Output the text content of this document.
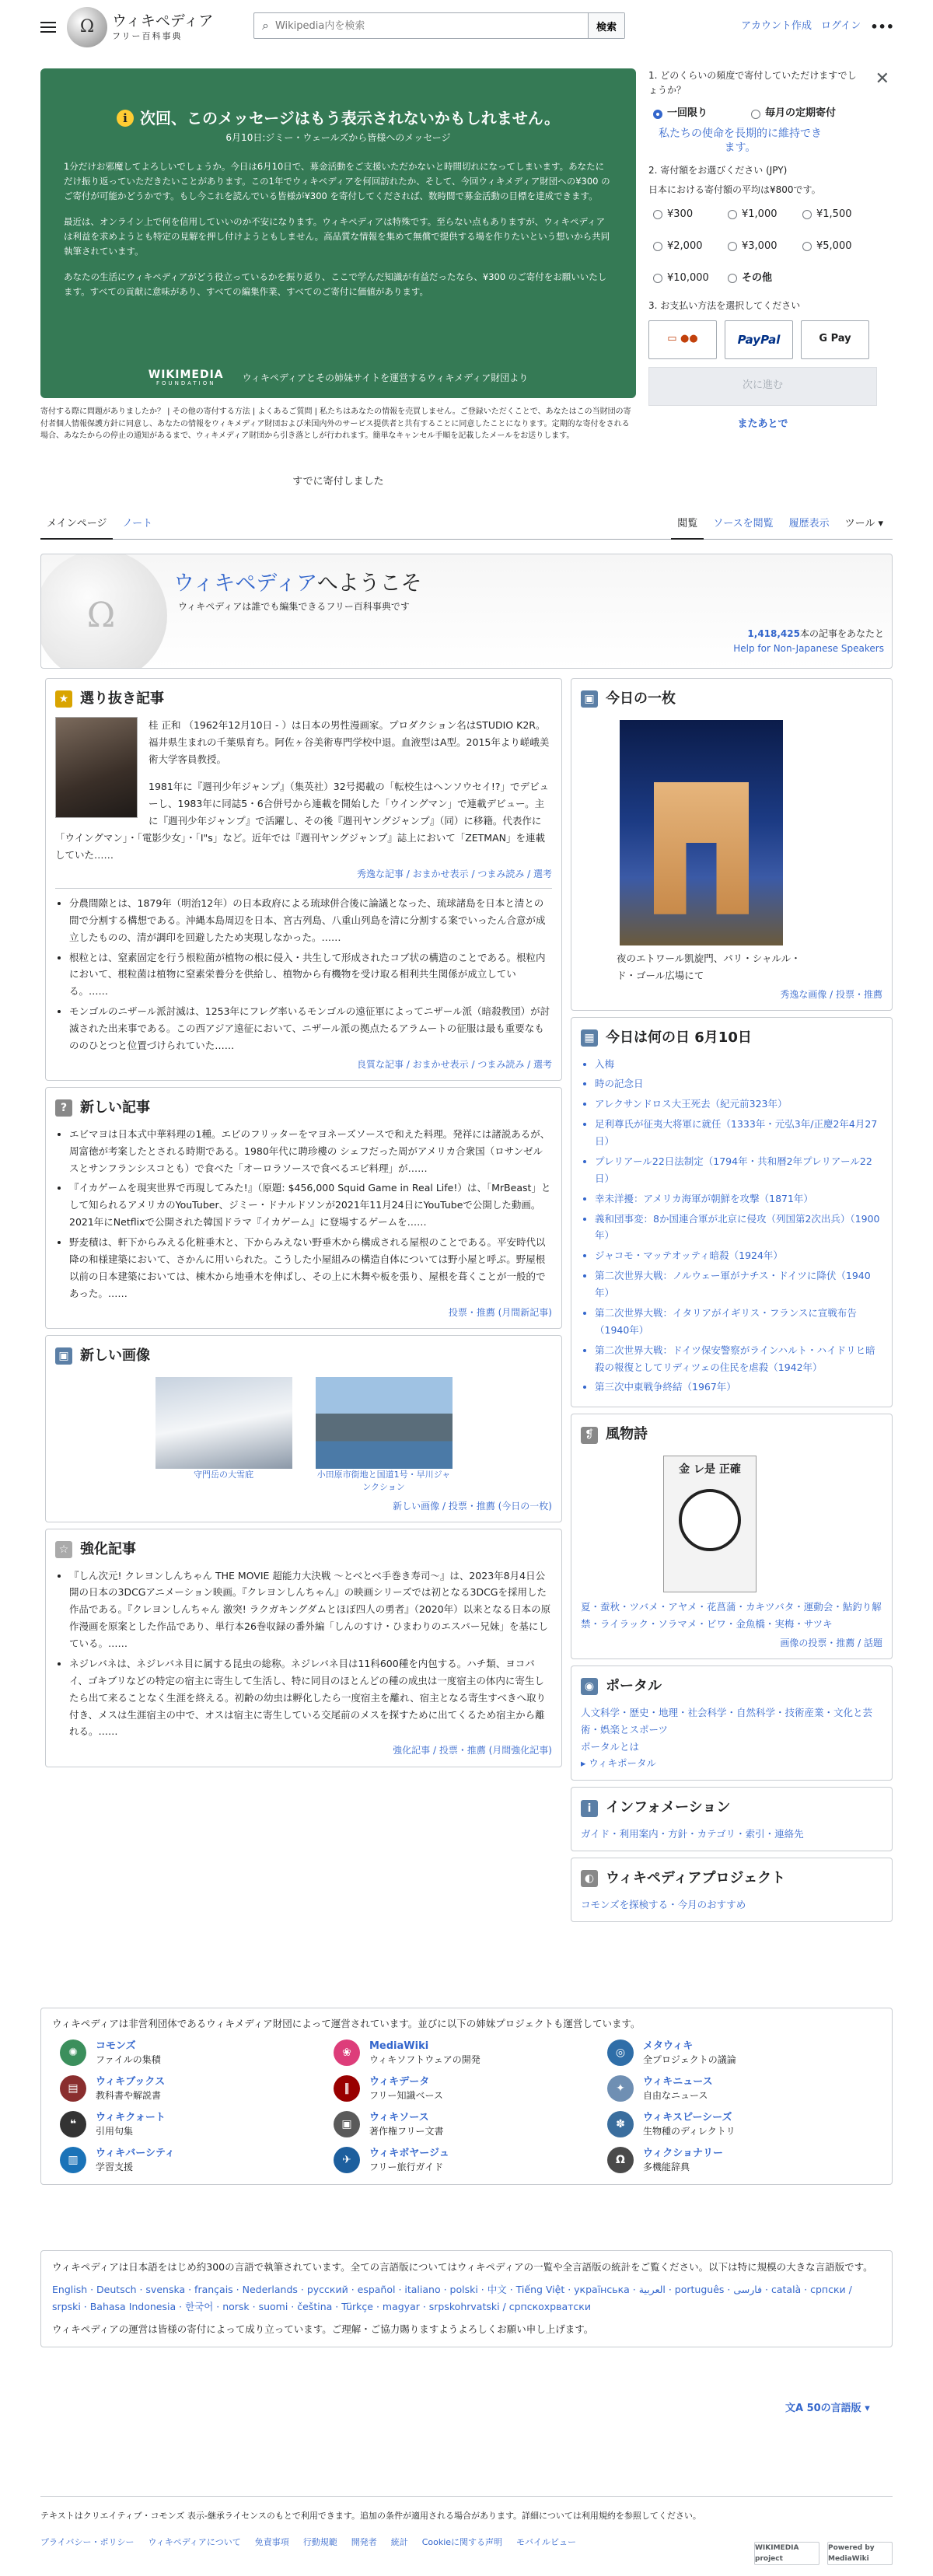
Ω	ウィキペディア
フリー百科事典
⌕
Wikipedia内を検索	検索	アカウント作成 ログイン •••
i 次回、このメッセージはもう表示されないかもしれません。
6月10日:ジミー・ウェールズから皆様へのメッセージ

1分だけお邪魔してよろしいでしょうか。今日は6月10日で、募金活動をご支援いただかないと時間切れになってしまいます。あなたにだけ振り返っていただきたいことがあります。この1年でウィキペディアを何回訪れたか、そして、今回ウィキメディア財団への¥300 のご寄付が可能かどうかです。もし今これを読んでいる皆様が¥300 を寄付してくだされば、数時間で募金活動の目標を達成できます。

最近は、オンライン上で何を信用していいのか不安になります。ウィキペディアは特殊です。至らない点もありますが、ウィキペディアは利益を求めようとも特定の見解を押し付けようともしません。高品質な情報を集めて無償で提供する場を作りたいという想いから共同執筆されています。

あなたの生活にウィキペディアがどう役立っているかを振り返り、ここで学んだ知識が有益だったなら、¥300 のご寄付をお願いいたします。すべての貢献に意味があり、すべての編集作業、すべてのご寄付に価値があります。

WIKIMEDIA
FOUNDATION
ウィキペディアとその姉妹サイトを運営するウィキメディア財団より
寄付する際に問題がありましたか？ | その他の寄付する方法 | よくあるご質問 | 私たちはあなたの情報を売買しません。ご登録いただくことで、あなたはこの当財団の寄付者個人情報保護方針に同意し、あなたの情報をウィキメディア財団および米国内外のサービス提供者と共有することに同意したことになります。定期的な寄付をされる場合、あなたからの停止の通知があるまで、ウィキメディア財団から引き落としが行われます。簡単なキャンセル手順を記載したメールをお送りします。
すでに寄付しました
✕
1. どのくらいの頻度で寄付していただけますでしょうか？
一回限り	毎月の定期寄付
私たちの使命を長期的に維持できます。
2. 寄付額をお選びください (JPY)
日本における寄付額の平均は¥800です。
¥300	¥1,000	¥1,500
¥2,000	¥3,000	¥5,000
¥10,000	その他
3. お支払い方法を選択してください
▭ ●●	PayPal	G Pay
次に進む
またあとで
メインページ	ノート	閲覧	ソースを閲覧	履歴表示	ツール ▾
Ω
ウィキペディアへようこそ
ウィキペディアは誰でも編集できるフリー百科事典です
1,418,425本の記事をあなたと
Help for Non-Japanese Speakers
★ 選り抜き記事

桂 正和 （1962年12月10日 - ）は日本の男性漫画家。プロダクション名はSTUDIO K2R。福井県生まれの千葉県育ち。阿佐ヶ谷美術専門学校中退。血液型はA型。2015年より嵯峨美術大学客員教授。

1981年に『週刊少年ジャンプ』（集英社）32号掲載の「転校生はヘンソウセイ!?」でデビューし、1983年に同誌5・6合併号から連載を開始した「ウイングマン」で連載デビュー。主に『週刊少年ジャンプ』で活躍し、その後『週刊ヤングジャンプ』（同）に移籍。代表作に「ウイングマン」・「電影少女」・「I"s」など。近年では『週刊ヤングジャンプ』誌上において「ZETMAN」を連載していた……

秀逸な記事 / おまかせ表示 / つまみ読み / 選考
• 分農間隙とは、1879年（明治12年）の日本政府による琉球併合後に論議となった、琉球諸島を日本と清との間で分割する構想である。沖縄本島周辺を日本、宮古列島、八重山列島を清に分割する案でいったん合意が成立したものの、清が調印を回避したため実現しなかった。……
• 根粒とは、窒素固定を行う根粒菌が植物の根に侵入・共生して形成されたコブ状の構造のことである。根粒内において、根粒菌は植物に窒素栄養分を供給し、植物から有機物を受け取る相利共生関係が成立している。……
• モンゴルのニザール派討滅は、1253年にフレグ率いるモンゴルの遠征軍によってニザール派（暗殺教団）が討滅された出来事である。この西アジア遠征において、ニザール派の拠点たるアラムートの征服は最も重要なもののひとつと位置づけられていた……
良質な記事 / おまかせ表示 / つまみ読み / 選考
? 新しい記事
• エビマヨは日本式中華料理の1種。エビのフリッターをマヨネーズソースで和えた料理。発祥には諸説あるが、周富徳が考案したとされる時期である。1980年代に聘珍樓の シェフだった周がアメリカ合衆国（ロサンゼルスとサンフランシスコとも）で食べた「オーロラソースで食べるエビ料理」が……
• 『イカゲームを現実世界で再現してみた!』（原題: $456,000 Squid Game in Real Life!）は、「MrBeast」として知られるアメリカのYouTuber、ジミー・ドナルドソンが2021年11月24日にYouTubeで公開した動画。2021年にNetflixで公開された韓国ドラマ『イカゲーム』に登場するゲームを……
• 野麦積は、軒下からみえる化粧垂木と、下からみえない野垂木から構成される屋根のことである。平安時代以降の和様建築において、さかんに用いられた。こうした小屋組みの構造自体については野小屋と呼ぶ。野屋根以前の日本建築においては、棟木から地垂木を伸ばし、その上に木舞や板を張り、屋根を葺くことが一般的であった。……
投票・推薦 (月間新記事)
▣ 新しい画像
守門岳の大雪庇	小田原市街地と国道1号・早川ジャンクション
新しい画像 / 投票・推薦 (今日の一枚)
☆ 強化記事
• 『しん次元! クレヨンしんちゃん THE MOVIE 超能力大決戦 ～とべとべ手巻き寿司～』は、2023年8月4日公開の日本の3DCGアニメーション映画。『クレヨンしんちゃん』の映画シリーズでは初となる3DCGを採用した作品である。『クレヨンしんちゃん 激突! ラクガキングダムとほぼ四人の勇者』（2020年）以来となる日本の原作漫画を原案とした作品であり、単行本26巻収録の番外編「しんのすけ・ひまわりのエスパー兄妹」を基にしている。……
• ネジレバネは、ネジレバネ目に属する昆虫の総称。ネジレバネ目は11科600種を内包する。ハチ類、ヨコバイ、ゴキブリなどの特定の宿主に寄生して生活し、特に同目のほとんどの種の成虫は一度宿主の体内に寄生したら出て来ることなく生涯を終える。初齢の幼虫は孵化したら一度宿主を離れ、宿主となる寄生すべきへ取り付き、メスは生涯宿主の中で、オスは宿主に寄生している交尾前のメスを探すために出てくるため宿主から離れる。……
強化記事 / 投票・推薦 (月間強化記事)
▣ 今日の一枚

夜のエトワール凱旋門、パリ・シャルル・ド・ゴール広場にて

秀逸な画像 / 投票・推薦
▦ 今日は何の日 6月10日
• 入梅
• 時の記念日
• アレクサンドロス大王死去（紀元前323年）
• 足利尊氏が征夷大将軍に就任（1333年・元弘3年/正慶2年4月27日）
• プレリアール22日法制定（1794年・共和暦2年プレリアール22日）
• 幸未洋擾：アメリカ海軍が朝鮮を攻撃（1871年）
• 義和団事変：8か国連合軍が北京に侵攻（列国第2次出兵）（1900年）
• ジャコモ・マッテオッティ暗殺（1924年）
• 第二次世界大戦：ノルウェー軍がナチス・ドイツに降伏（1940年）
• 第二次世界大戦：イタリアがイギリス・フランスに宣戦布告（1940年）
• 第二次世界大戦：ドイツ保安警察がラインハルト・ハイドリヒ暗殺の報復としてリディツェの住民を虐殺（1942年）
• 第三次中東戦争終結（1967年）
❡ 風物詩
金 レ是 正確

夏・蚕秋・ツバメ・アヤメ・花菖蒲・カキツバタ・運動会・鮎釣り解禁・ライラック・ソラマメ・ビワ・金魚橋・実梅・サツキ

画像の投票・推薦 / 話題
◉ ポータル

人文科学・歴史・地理・社会科学・自然科学・技術産業・文化と芸術・娯楽とスポーツ

ポータルとは

▸ ウィキポータル

i	インフォメーション

ガイド・利用案内・方針・カテゴリ・索引・連絡先

◐ ウィキペディアプロジェクト

コモンズを探検する・今月のおすすめ

ウィキペディアは非営利団体であるウィキメディア財団によって運営されています。並びに以下の姉妹プロジェクトも運営しています。
✺
コモンズ
ファイルの集積
❀
MediaWiki
ウィキソフトウェアの開発
◎
メタウィキ
全プロジェクトの議論
▤
ウィキブックス
教科書や解説書
‖
ウィキデータ
フリー知識ベース
✦
ウィキニュース
自由なニュース
❝
ウィキクォート
引用句集
▣
ウィキソース
著作権フリー文書
✽
ウィキスピーシーズ
生物種のディレクトリ
▥
ウィキバーシティ
学習支援
✈
ウィキボヤージュ
フリー旅行ガイド
Ω
ウィクショナリー
多機能辞典
ウィキペディアは日本語をはじめ約300の言語で執筆されています。全ての言語版についてはウィキペディアの一覧や全言語版の統計をご覧ください。以下は特に規模の大きな言語版です。
English · Deutsch · svenska · français · Nederlands · русский · español · italiano · polski · 中文 · Tiếng Việt · українська · العربية · português · فارسی · català · српски / srpski · Bahasa Indonesia · 한국어 · norsk · suomi · čeština · Türkçe · magyar · srpskohrvatski / српскохрватски
ウィキペディアの運営は皆様の寄付によって成り立っています。ご理解・ご協力賜りますようよろしくお願い申し上げます。
文A 50の言語版 ▾
テキストはクリエイティブ・コモンズ 表示-継承ライセンスのもとで利用できます。追加の条件が適用される場合があります。詳細については利用規約を参照してください。
プライバシー・ポリシー ウィキペディアについて 免責事項 行動規範 開発者 統計 Cookieに関する声明 モバイルビュー
WIKIMEDIA project
Powered by MediaWiki
